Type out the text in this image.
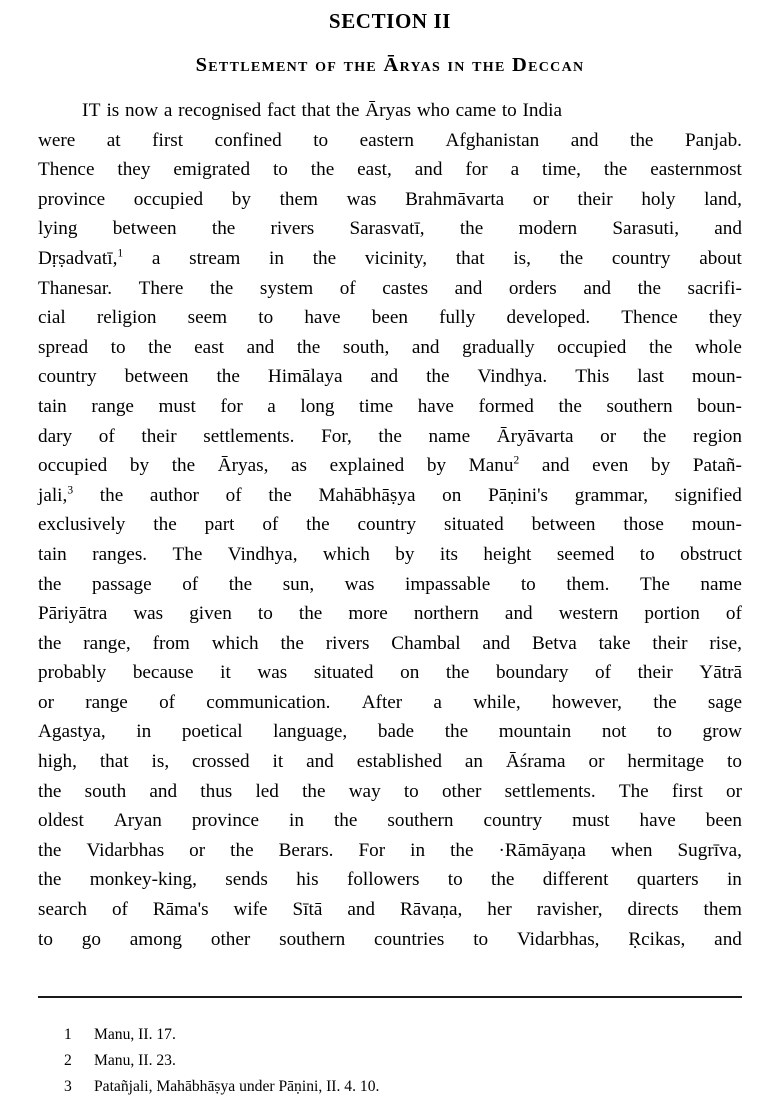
SECTION II
Settlement of the Āryas in the Deccan
IT is now a recognised fact that the Āryas who came to India
were at first confined to eastern Afghanistan and the Panjab.
Thence they emigrated to the east, and for a time, the easternmost
province occupied by them was Brahmāvarta or their holy land,
lying between the rivers Sarasvatī, the modern Sarasuti, and
Dṛṣadvatī,$^1$ a stream in the vicinity, that is, the country about
Thanesar. There the system of castes and orders and the sacrifi-
cial religion seem to have been fully developed. Thence they
spread to the east and the south, and gradually occupied the whole
country between the Himālaya and the Vindhya. This last moun-
tain range must for a long time have formed the southern boun-
dary of their settlements. For, the name Āryāvarta or the region
occupied by the Āryas, as explained by Manu$^2$ and even by Patañ-
jali,$^3$ the author of the Mahābhāṣya on Pāṇini's grammar, signified
exclusively the part of the country situated between those moun-
tain ranges. The Vindhya, which by its height seemed to obstruct
the passage of the sun, was impassable to them. The name
Pāriyātra was given to the more northern and western portion of
the range, from which the rivers Chambal and Betva take their rise,
probably because it was situated on the boundary of their Yātrā
or range of communication. After a while, however, the sage
Agastya, in poetical language, bade the mountain not to grow
high, that is, crossed it and established an Āśrama or hermitage to
the south and thus led the way to other settlements. The first or
oldest Aryan province in the southern country must have been
the Vidarbhas or the Berars. For in the ·Rāmāyaṇa when Sugrīva,
the monkey-king, sends his followers to the different quarters in
search of Rāma's wife Sītā and Rāvaṇa, her ravisher, directs them
to go among other southern countries to Vidarbhas, Ṛcikas, and
1	Manu, II. 17.
2	Manu, II. 23.
3	Patañjali, Mahābhāṣya under Pāṇini, II. 4. 10.
